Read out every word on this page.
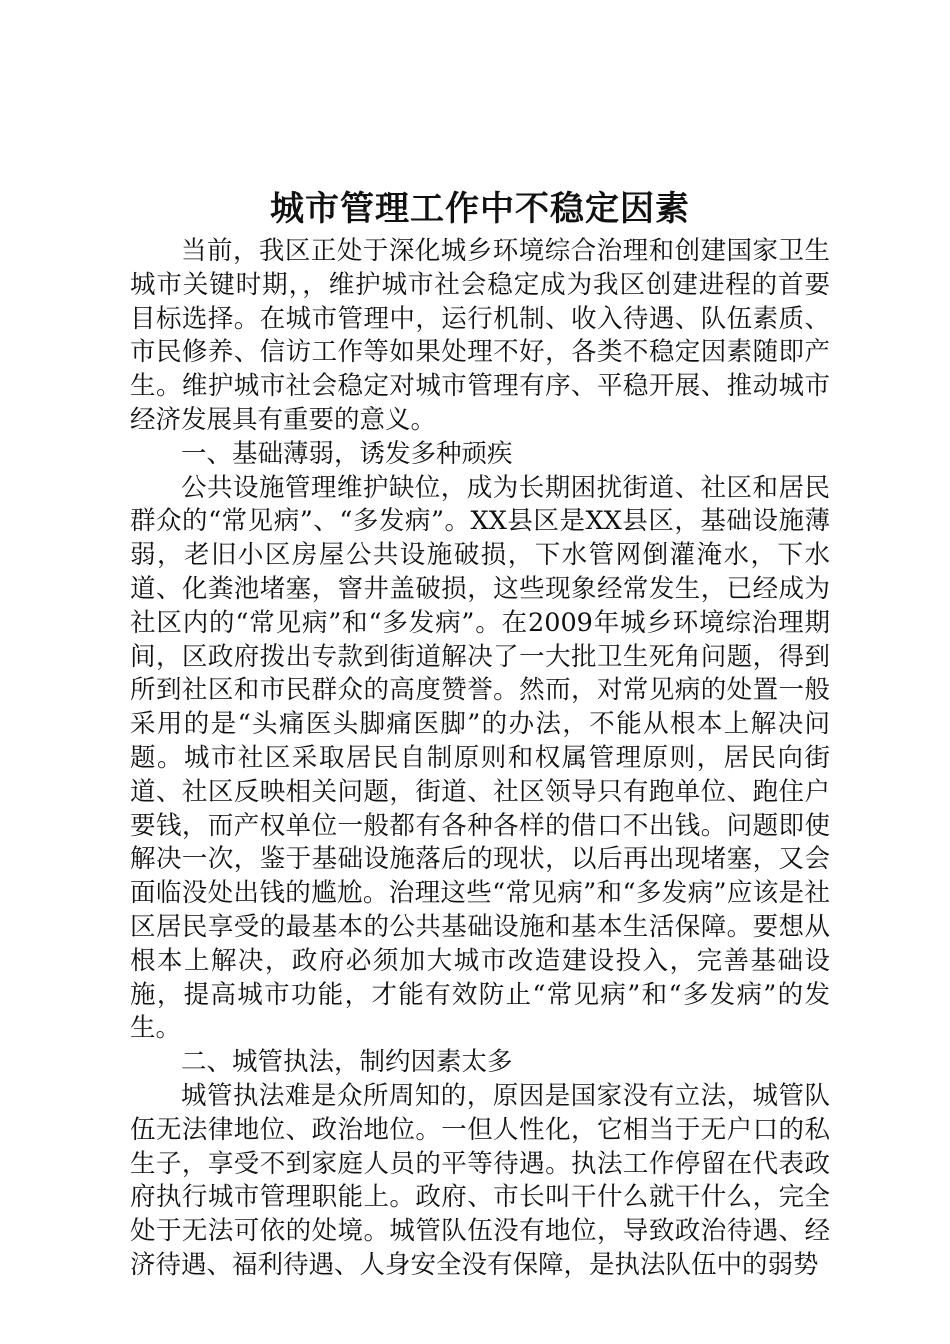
城市管理工作中不稳定因素

当前，我区正处于深化城乡环境综合治理和创建国家卫生城市关键时期，，维护城市社会稳定成为我区创建进程的首要目标选择。在城市管理中，运行机制、收入待遇、队伍素质、市民修养、信访工作等如果处理不好，各类不稳定因素随即产生。维护城市社会稳定对城市管理有序、平稳开展、推动城市经济发展具有重要的意义。

一、基础薄弱，诱发多种顽疾

公共设施管理维护缺位，成为长期困扰街道、社区和居民群众的“常见病”、“多发病”。XX县区是XX县区，基础设施薄弱，老旧小区房屋公共设施破损，下水管网倒灌淹水，下水道、化粪池堵塞，窨井盖破损，这些现象经常发生，已经成为社区内的“常见病”和“多发病”。在2009年城乡环境综治理期间，区政府拨出专款到街道解决了一大批卫生死角问题，得到所到社区和市民群众的高度赞誉。然而，对常见病的处置一般采用的是“头痛医头脚痛医脚”的办法，不能从根本上解决问题。城市社区采取居民自制原则和权属管理原则，居民向街道、社区反映相关问题，街道、社区领导只有跑单位、跑住户要钱，而产权单位一般都有各种各样的借口不出钱。问题即使解决一次，鉴于基础设施落后的现状，以后再出现堵塞，又会面临没处出钱的尴尬。治理这些“常见病”和“多发病”应该是社区居民享受的最基本的公共基础设施和基本生活保障。要想从根本上解决，政府必须加大城市改造建设投入，完善基础设施，提高城市功能，才能有效防止“常见病”和“多发病”的发生。

二、城管执法，制约因素太多

城管执法难是众所周知的，原因是国家没有立法，城管队伍无法律地位、政治地位。一但人性化，它相当于无户口的私生子，享受不到家庭人员的平等待遇。执法工作停留在代表政府执行城市管理职能上。政府、市长叫干什么就干什么，完全处于无法可依的处境。城管队伍没有地位，导致政治待遇、经济待遇、福利待遇、人身安全没有保障，是执法队伍中的弱势
